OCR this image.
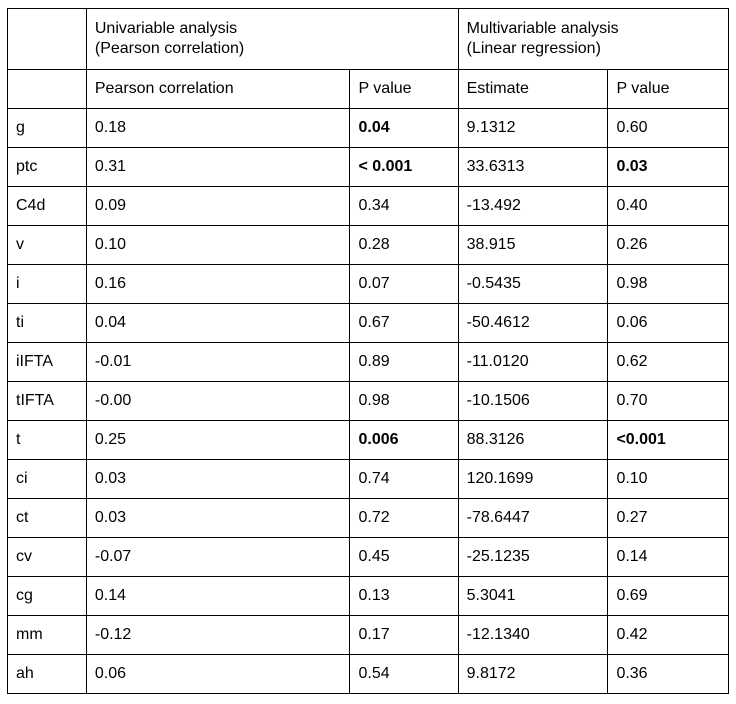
	Univariable analysis
(Pearson correlation)		Multivariable analysis
(Linear regression)	

	Pearson correlation	P value	Estimate	P value
g	0.18	0.04	9.1312	0.60
ptc	0.31	< 0.001	33.6313	0.03
C4d	0.09	0.34	-13.492	0.40
v	0.10	0.28	38.915	0.26
i	0.16	0.07	-0.5435	0.98
ti	0.04	0.67	-50.4612	0.06
iIFTA	-0.01	0.89	-11.0120	0.62
tIFTA	-0.00	0.98	-10.1506	0.70
t	0.25	0.006	88.3126	<0.001
ci	0.03	0.74	120.1699	0.10
ct	0.03	0.72	-78.6447	0.27
cv	-0.07	0.45	-25.1235	0.14
cg	0.14	0.13	5.3041	0.69
mm	-0.12	0.17	-12.1340	0.42
ah	0.06	0.54	9.8172	0.36
